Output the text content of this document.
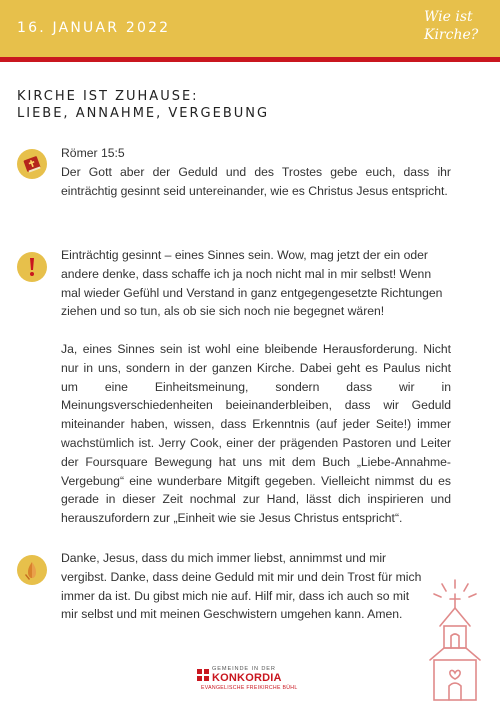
16. JANUAR 2022
Wie ist
Kirche?
KIRCHE IST ZUHAUSE:
LIEBE, ANNAHME, VERGEBUNG
Römer 15:5
Der Gott aber der Geduld und des Trostes gebe euch, dass ihr einträchtig gesinnt seid untereinander, wie es Christus Jesus entspricht.
Einträchtig gesinnt – eines Sinnes sein. Wow, mag jetzt der ein oder andere denke, dass schaffe ich ja noch nicht mal in mir selbst! Wenn mal wieder Gefühl und Verstand in ganz entgegengesetzte Richtungen ziehen und so tun, als ob sie sich noch nie begegnet wären!
Ja, eines Sinnes sein ist wohl eine bleibende Herausforderung. Nicht nur in uns, sondern in der ganzen Kirche. Dabei geht es Paulus nicht um eine Einheitsmeinung, sondern dass wir in Meinungsverschiedenheiten beieinanderbleiben, dass wir Geduld miteinander haben, wissen, dass Erkenntnis (auf jeder Seite!) immer wachstümlich ist. Jerry Cook, einer der prägenden Pastoren und Leiter der Foursquare Bewegung hat uns mit dem Buch „Liebe-Annahme-Vergebung“ eine wunderbare Mitgift gegeben. Vielleicht nimmst du es gerade in dieser Zeit nochmal zur Hand, lässt dich inspirieren und herauszufordern zur „Einheit wie sie Jesus Christus entspricht“.
Danke, Jesus, dass du mich immer liebst, annimmst und mir vergibst. Danke, dass deine Geduld mit mir und dein Trost für mich immer da ist. Du gibst mich nie auf. Hilf mir, dass ich auch so mit mir selbst und mit meinen Geschwistern umgehen kann. Amen.
GEMEINDE IN DER
KONKORDIA
EVANGELISCHE FREIKIRCHE BÜHL
